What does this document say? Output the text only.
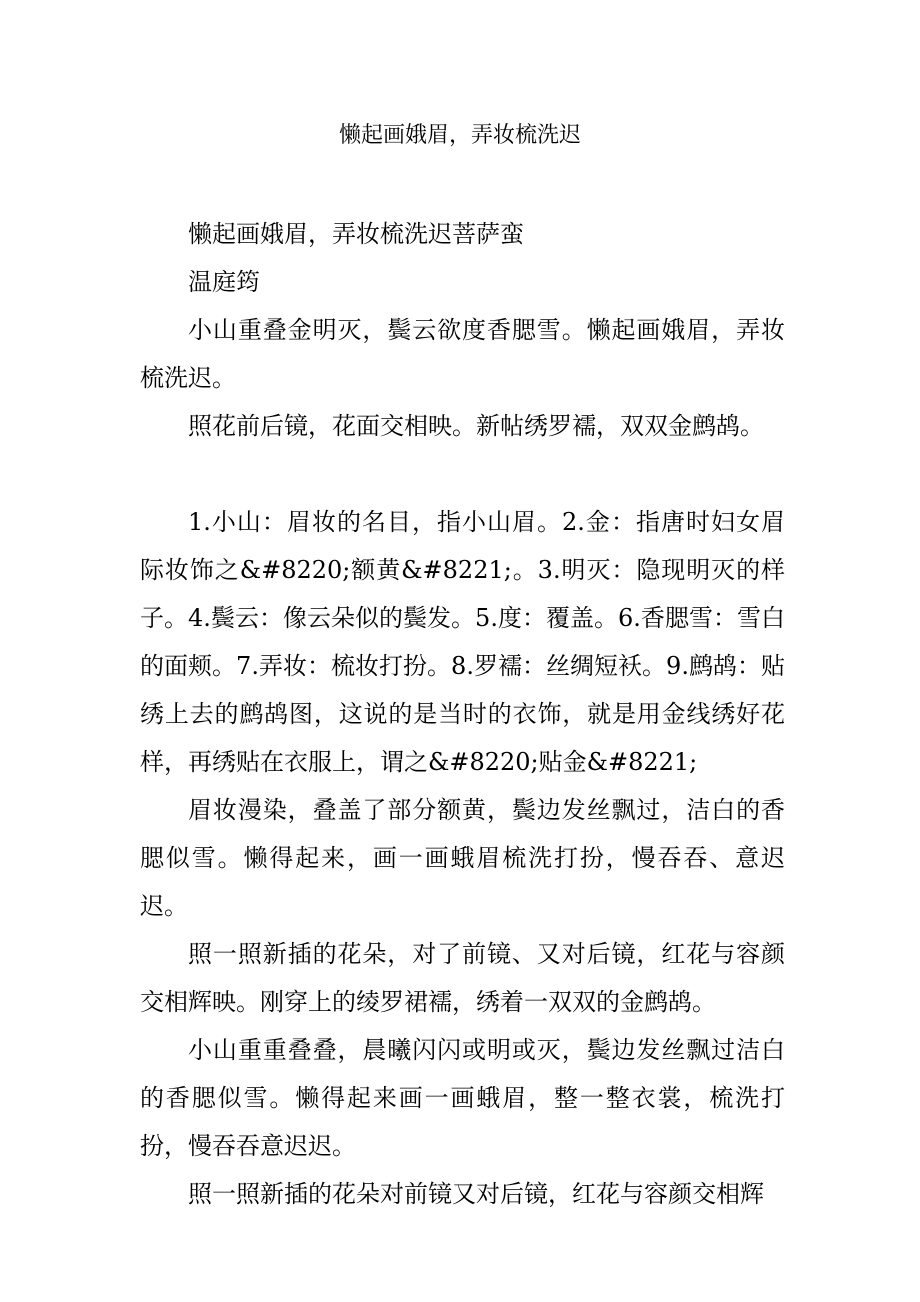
懒起画娥眉，弄妆梳洗迟

懒起画娥眉，弄妆梳洗迟菩萨蛮

温庭筠

小山重叠金明灭，鬓云欲度香腮雪。懒起画娥眉，弄妆梳洗迟。

照花前后镜，花面交相映。新帖绣罗襦，双双金鹧鸪。

1.小山：眉妆的名目，指小山眉。2.金：指唐时妇女眉际妆饰之&#8220;额黄&#8221;。3.明灭：隐现明灭的样子。4.鬓云：像云朵似的鬓发。5.度：覆盖。6.香腮雪：雪白的面颊。7.弄妆：梳妆打扮。8.罗襦：丝绸短袄。9.鹧鸪：贴绣上去的鹧鸪图，这说的是当时的衣饰，就是用金线绣好花样，再绣贴在衣服上，谓之&#8220;贴金&#8221;

眉妆漫染，叠盖了部分额黄，鬓边发丝飘过，洁白的香腮似雪。懒得起来，画一画蛾眉梳洗打扮，慢吞吞、意迟迟。

照一照新插的花朵，对了前镜、又对后镜，红花与容颜交相辉映。刚穿上的绫罗裙襦，绣着一双双的金鹧鸪。

小山重重叠叠，晨曦闪闪或明或灭，鬓边发丝飘过洁白的香腮似雪。懒得起来画一画蛾眉，整一整衣裳，梳洗打扮，慢吞吞意迟迟。

照一照新插的花朵对前镜又对后镜，红花与容颜交相辉
